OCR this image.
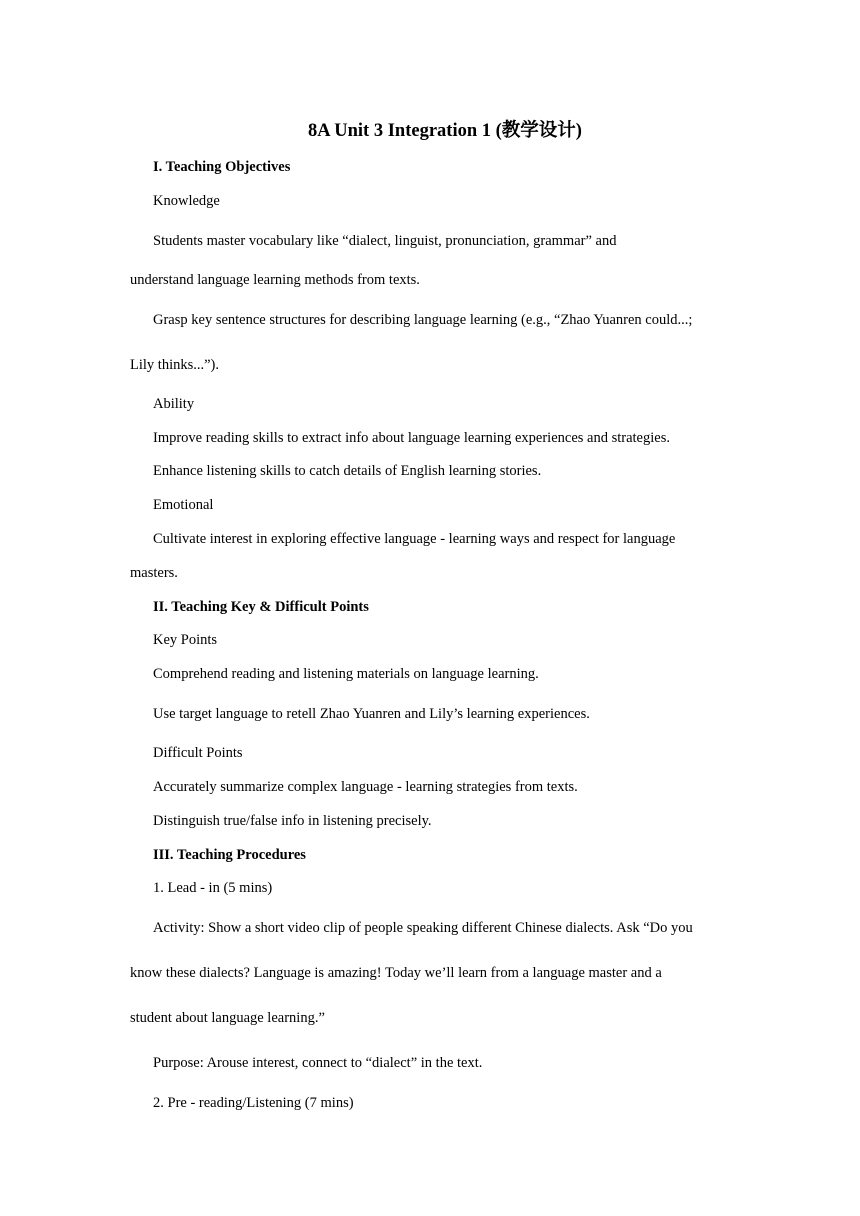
8A Unit 3 Integration 1 (教学设计)
I. Teaching Objectives
Knowledge
Students master vocabulary like “dialect, linguist, pronunciation, grammar” and
understand language learning methods from texts.
Grasp key sentence structures for describing language learning (e.g., “Zhao Yuanren could...;
Lily thinks...”).
Ability
Improve reading skills to extract info about language learning experiences and strategies.
Enhance listening skills to catch details of English learning stories.
Emotional
Cultivate interest in exploring effective language - learning ways and respect for language
masters.
II. Teaching Key & Difficult Points
Key Points
Comprehend reading and listening materials on language learning.
Use target language to retell Zhao Yuanren and Lily’s learning experiences.
Difficult Points
Accurately summarize complex language - learning strategies from texts.
Distinguish true/false info in listening precisely.
III. Teaching Procedures
1. Lead - in (5 mins)
Activity: Show a short video clip of people speaking different Chinese dialects. Ask “Do you
know these dialects? Language is amazing! Today we’ll learn from a language master and a
student about language learning.”
Purpose: Arouse interest, connect to “dialect” in the text.
2. Pre - reading/Listening (7 mins)
